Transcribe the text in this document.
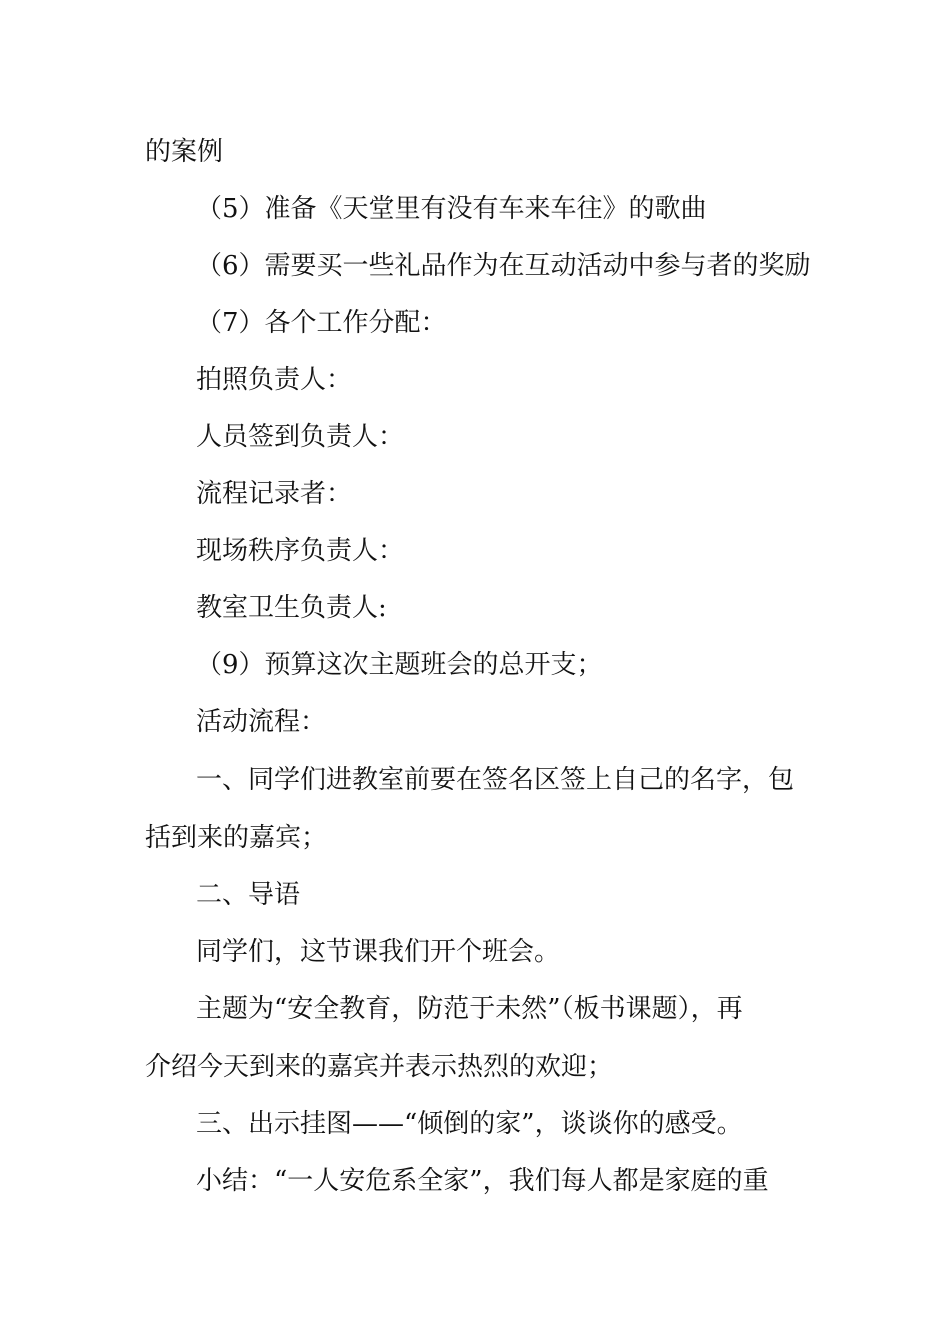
的案例
（5）准备《天堂里有没有车来车往》的歌曲
（6）需要买一些礼品作为在互动活动中参与者的奖励
（7）各个工作分配：
拍照负责人：
人员签到负责人：
流程记录者：
现场秩序负责人：
教室卫生负责人:
（9）预算这次主题班会的总开支；
活动流程：
一、同学们进教室前要在签名区签上自己的名字，包
括到来的嘉宾；
二、导语
同学们，这节课我们开个班会。
主题为“安全教育，防范于未然”（板书课题），再
介绍今天到来的嘉宾并表示热烈的欢迎；
三、出示挂图——“倾倒的家”，谈谈你的感受。
小结：“一人安危系全家”，我们每人都是家庭的重
